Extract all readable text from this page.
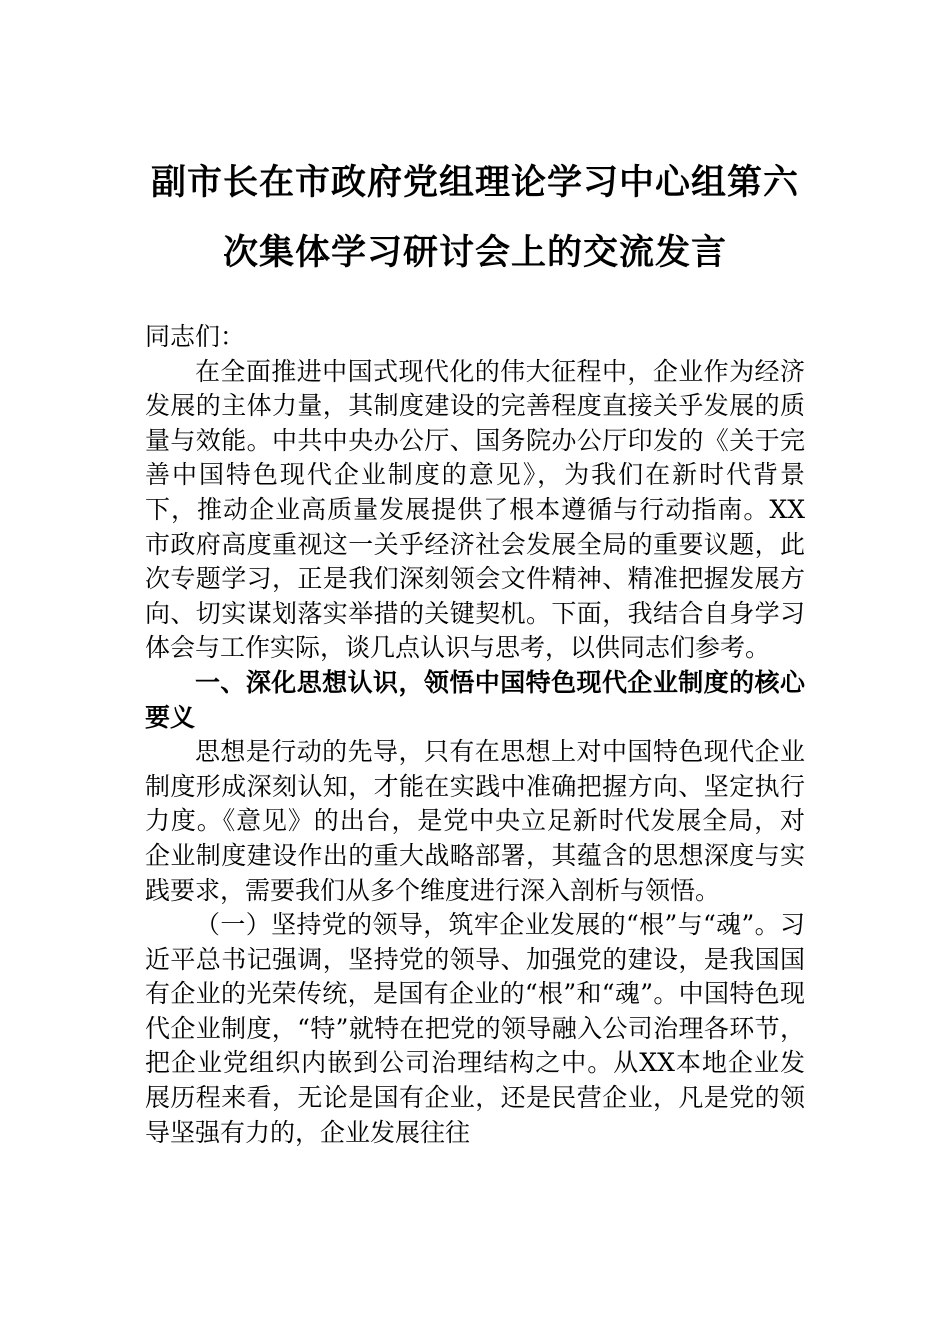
副市长在市政府党组理论学习中心组第六
次集体学习研讨会上的交流发言

同志们：

在全面推进中国式现代化的伟大征程中，企业作为经济发展的主体力量，其制度建设的完善程度直接关乎发展的质量与效能。中共中央办公厅、国务院办公厅印发的《关于完善中国特色现代企业制度的意见》，为我们在新时代背景下，推动企业高质量发展提供了根本遵循与行动指南。XX市政府高度重视这一关乎经济社会发展全局的重要议题，此次专题学习，正是我们深刻领会文件精神、精准把握发展方向、切实谋划落实举措的关键契机。下面，我结合自身学习体会与工作实际，谈几点认识与思考，以供同志们参考。

一、深化思想认识，领悟中国特色现代企业制度的核心要义

思想是行动的先导，只有在思想上对中国特色现代企业制度形成深刻认知，才能在实践中准确把握方向、坚定执行力度。《意见》的出台，是党中央立足新时代发展全局，对企业制度建设作出的重大战略部署，其蕴含的思想深度与实践要求，需要我们从多个维度进行深入剖析与领悟。

（一）坚持党的领导，筑牢企业发展的“根”与“魂”。习近平总书记强调，坚持党的领导、加强党的建设，是我国国有企业的光荣传统，是国有企业的“根”和“魂”。中国特色现代企业制度，“特”就特在把党的领导融入公司治理各环节，把企业党组织内嵌到公司治理结构之中。从XX本地企业发展历程来看，无论是国有企业，还是民营企业，凡是党的领导坚强有力的，企业发展往往
